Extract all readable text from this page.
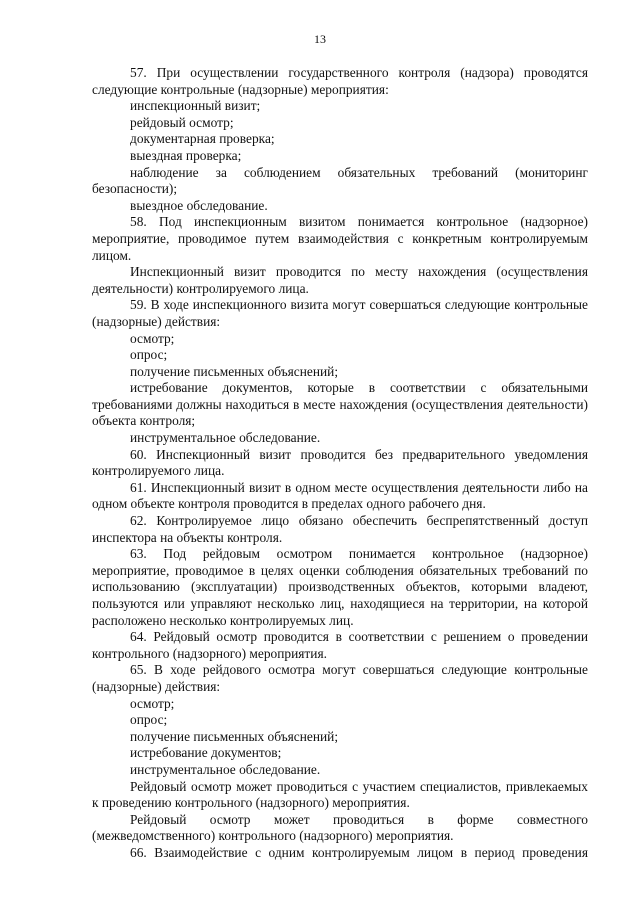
13

57. При осуществлении государственного контроля (надзора) проводятся следующие контрольные (надзорные) мероприятия:

инспекционный визит;

рейдовый осмотр;

документарная проверка;

выездная проверка;

наблюдение за соблюдением обязательных требований (мониторинг безопасности);

выездное обследование.

58. Под инспекционным визитом понимается контрольное (надзорное) мероприятие, проводимое путем взаимодействия с конкретным контролируемым лицом.

Инспекционный визит проводится по месту нахождения (осуществления деятельности) контролируемого лица.

59. В ходе инспекционного визита могут совершаться следующие контрольные (надзорные) действия:

осмотр;

опрос;

получение письменных объяснений;

истребование документов, которые в соответствии с обязательными требованиями должны находиться в месте нахождения (осуществления деятельности) объекта контроля;

инструментальное обследование.

60. Инспекционный визит проводится без предварительного уведомления контролируемого лица.

61. Инспекционный визит в одном месте осуществления деятельности либо на одном объекте контроля проводится в пределах одного рабочего дня.

62. Контролируемое лицо обязано обеспечить беспрепятственный доступ инспектора на объекты контроля.

63. Под рейдовым осмотром понимается контрольное (надзорное) мероприятие, проводимое в целях оценки соблюдения обязательных требований по использованию (эксплуатации) производственных объектов, которыми владеют, пользуются или управляют несколько лиц, находящиеся на территории, на которой расположено несколько контролируемых лиц.

64. Рейдовый осмотр проводится в соответствии с решением о проведении контрольного (надзорного) мероприятия.

65. В ходе рейдового осмотра могут совершаться следующие контрольные (надзорные) действия:

осмотр;

опрос;

получение письменных объяснений;

истребование документов;

инструментальное обследование.

Рейдовый осмотр может проводиться с участием специалистов, привлекаемых к проведению контрольного (надзорного) мероприятия.

Рейдовый осмотр может проводиться в форме совместного (межведомственного) контрольного (надзорного) мероприятия.

66. Взаимодействие с одним контролируемым лицом в период проведения
